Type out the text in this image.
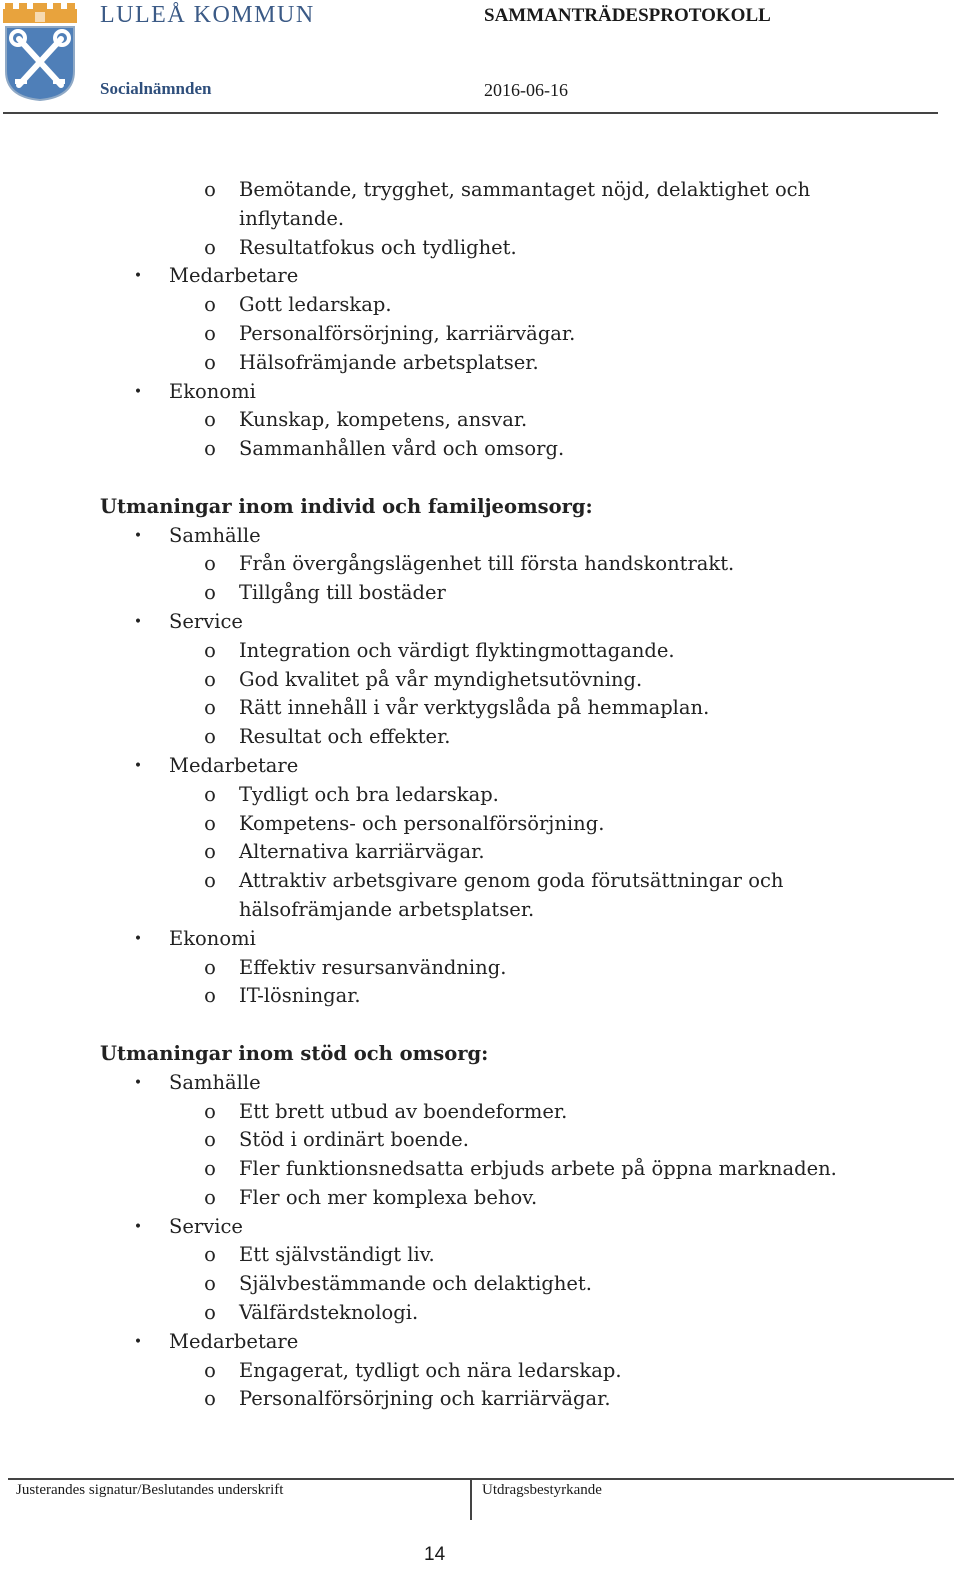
LULEÅ KOMMUN
Socialnämnden
SAMMANTRÄDESPROTOKOLL
2016-06-16
o Bemötande, trygghet, sammantaget nöjd, delaktighet och
inflytande.
o Resultatfokus och tydlighet.
• Medarbetare
o Gott ledarskap.
o Personalförsörjning, karriärvägar.
o Hälsofrämjande arbetsplatser.
• Ekonomi
o Kunskap, kompetens, ansvar.
o Sammanhållen vård och omsorg.
Utmaningar inom individ och familjeomsorg:
• Samhälle
o Från övergångslägenhet till första handskontrakt.
o Tillgång till bostäder
• Service
o Integration och värdigt flyktingmottagande.
o God kvalitet på vår myndighetsutövning.
o Rätt innehåll i vår verktygslåda på hemmaplan.
o Resultat och effekter.
• Medarbetare
o Tydligt och bra ledarskap.
o Kompetens- och personalförsörjning.
o Alternativa karriärvägar.
o Attraktiv arbetsgivare genom goda förutsättningar och
hälsofrämjande arbetsplatser.
• Ekonomi
o Effektiv resursanvändning.
o IT-lösningar.
Utmaningar inom stöd och omsorg:
• Samhälle
o Ett brett utbud av boendeformer.
o Stöd i ordinärt boende.
o Fler funktionsnedsatta erbjuds arbete på öppna marknaden.
o Fler och mer komplexa behov.
• Service
o Ett självständigt liv.
o Självbestämmande och delaktighet.
o Välfärdsteknologi.
• Medarbetare
o Engagerat, tydligt och nära ledarskap.
o Personalförsörjning och karriärvägar.
Justerandes signatur/Beslutandes underskrift	Utdragsbestyrkande
14
